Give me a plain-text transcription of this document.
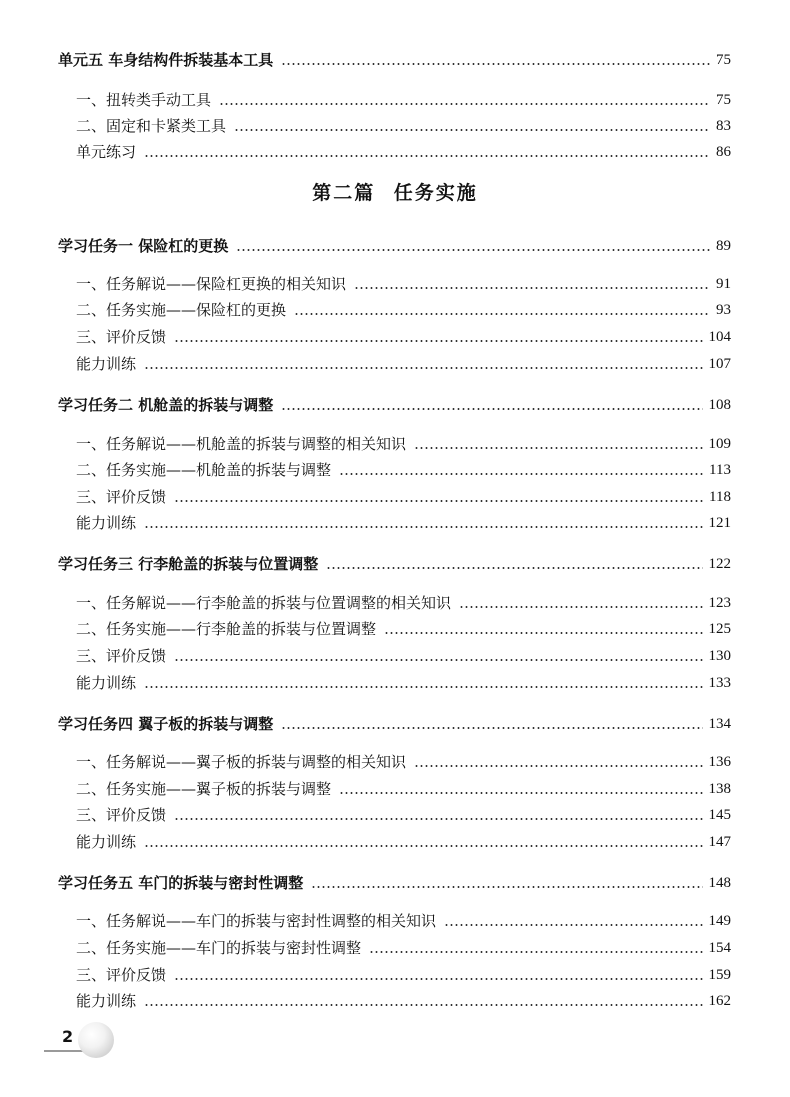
单元五 车身结构件拆装基本工具	75
一、扭转类手动工具	75
二、固定和卡紧类工具	83
单元练习	86
第二篇 任务实施
学习任务一 保险杠的更换	89
一、任务解说——保险杠更换的相关知识	91
二、任务实施——保险杠的更换	93
三、评价反馈	104
能力训练	107
学习任务二 机舱盖的拆装与调整	108
一、任务解说——机舱盖的拆装与调整的相关知识	109
二、任务实施——机舱盖的拆装与调整	113
三、评价反馈	118
能力训练	121
学习任务三 行李舱盖的拆装与位置调整	122
一、任务解说——行李舱盖的拆装与位置调整的相关知识	123
二、任务实施——行李舱盖的拆装与位置调整	125
三、评价反馈	130
能力训练	133
学习任务四 翼子板的拆装与调整	134
一、任务解说——翼子板的拆装与调整的相关知识	136
二、任务实施——翼子板的拆装与调整	138
三、评价反馈	145
能力训练	147
学习任务五 车门的拆装与密封性调整	148
一、任务解说——车门的拆装与密封性调整的相关知识	149
二、任务实施——车门的拆装与密封性调整	154
三、评价反馈	159
能力训练	162
2
